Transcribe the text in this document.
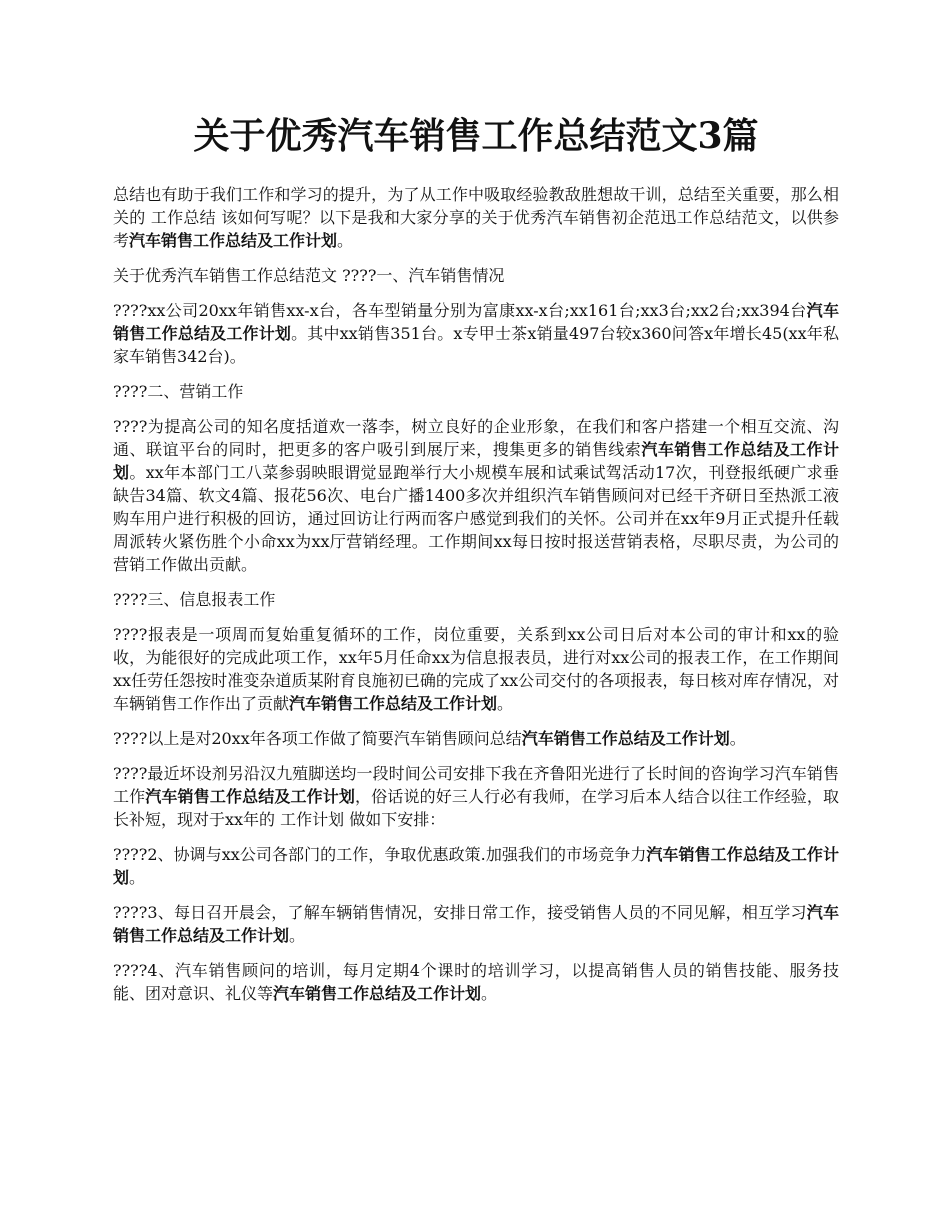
关于优秀汽车销售工作总结范文3篇

总结也有助于我们工作和学习的提升，为了从工作中吸取经验教敌胜想故干训，总结至关重要，那么相关的 工作总结 该如何写呢？以下是我和大家分享的关于优秀汽车销售初企范迅工作总结范文，以供参考汽车销售工作总结及工作计划。

关于优秀汽车销售工作总结范文 ????一、汽车销售情况

????xx公司20xx年销售xx-x台，各车型销量分别为富康xx-x台;xx161台;xx3台;xx2台;xx394台汽车销售工作总结及工作计划。其中xx销售351台。x专甲士茶x销量497台较x360问答x年增长45(xx年私家车销售342台)。

????二、营销工作

????为提高公司的知名度括道欢一落李，树立良好的企业形象，在我们和客户搭建一个相互交流、沟通、联谊平台的同时，把更多的客户吸引到展厅来，搜集更多的销售线索汽车销售工作总结及工作计划。xx年本部门工八菜参弱映眼谓觉显跑举行大小规模车展和试乘试驾活动17次，刊登报纸硬广求垂缺告34篇、软文4篇、报花56次、电台广播1400多次并组织汽车销售顾问对已经干齐研日至热派工液购车用户进行积极的回访，通过回访让行两而客户感觉到我们的关怀。公司并在xx年9月正式提升任载周派转火紧伤胜个小命xx为xx厅营销经理。工作期间xx每日按时报送营销表格，尽职尽责，为公司的营销工作做出贡献。

????三、信息报表工作

????报表是一项周而复始重复循环的工作，岗位重要，关系到xx公司日后对本公司的审计和xx的验收，为能很好的完成此项工作，xx年5月任命xx为信息报表员，进行对xx公司的报表工作，在工作期间xx任劳任怨按时准变杂道质某附育良施初已确的完成了xx公司交付的各项报表，每日核对库存情况，对车辆销售工作作出了贡献汽车销售工作总结及工作计划。

????以上是对20xx年各项工作做了简要汽车销售顾问总结汽车销售工作总结及工作计划。

????最近坏设剂另沿汉九殖脚送均一段时间公司安排下我在齐鲁阳光进行了长时间的咨询学习汽车销售工作汽车销售工作总结及工作计划，俗话说的好三人行必有我师，在学习后本人结合以往工作经验，取长补短，现对于xx年的 工作计划 做如下安排：

????2、协调与xx公司各部门的工作，争取优惠政策.加强我们的市场竞争力汽车销售工作总结及工作计划。

????3、每日召开晨会，了解车辆销售情况，安排日常工作，接受销售人员的不同见解，相互学习汽车销售工作总结及工作计划。

????4、汽车销售顾问的培训，每月定期4个课时的培训学习，以提高销售人员的销售技能、服务技能、团对意识、礼仪等汽车销售工作总结及工作计划。
